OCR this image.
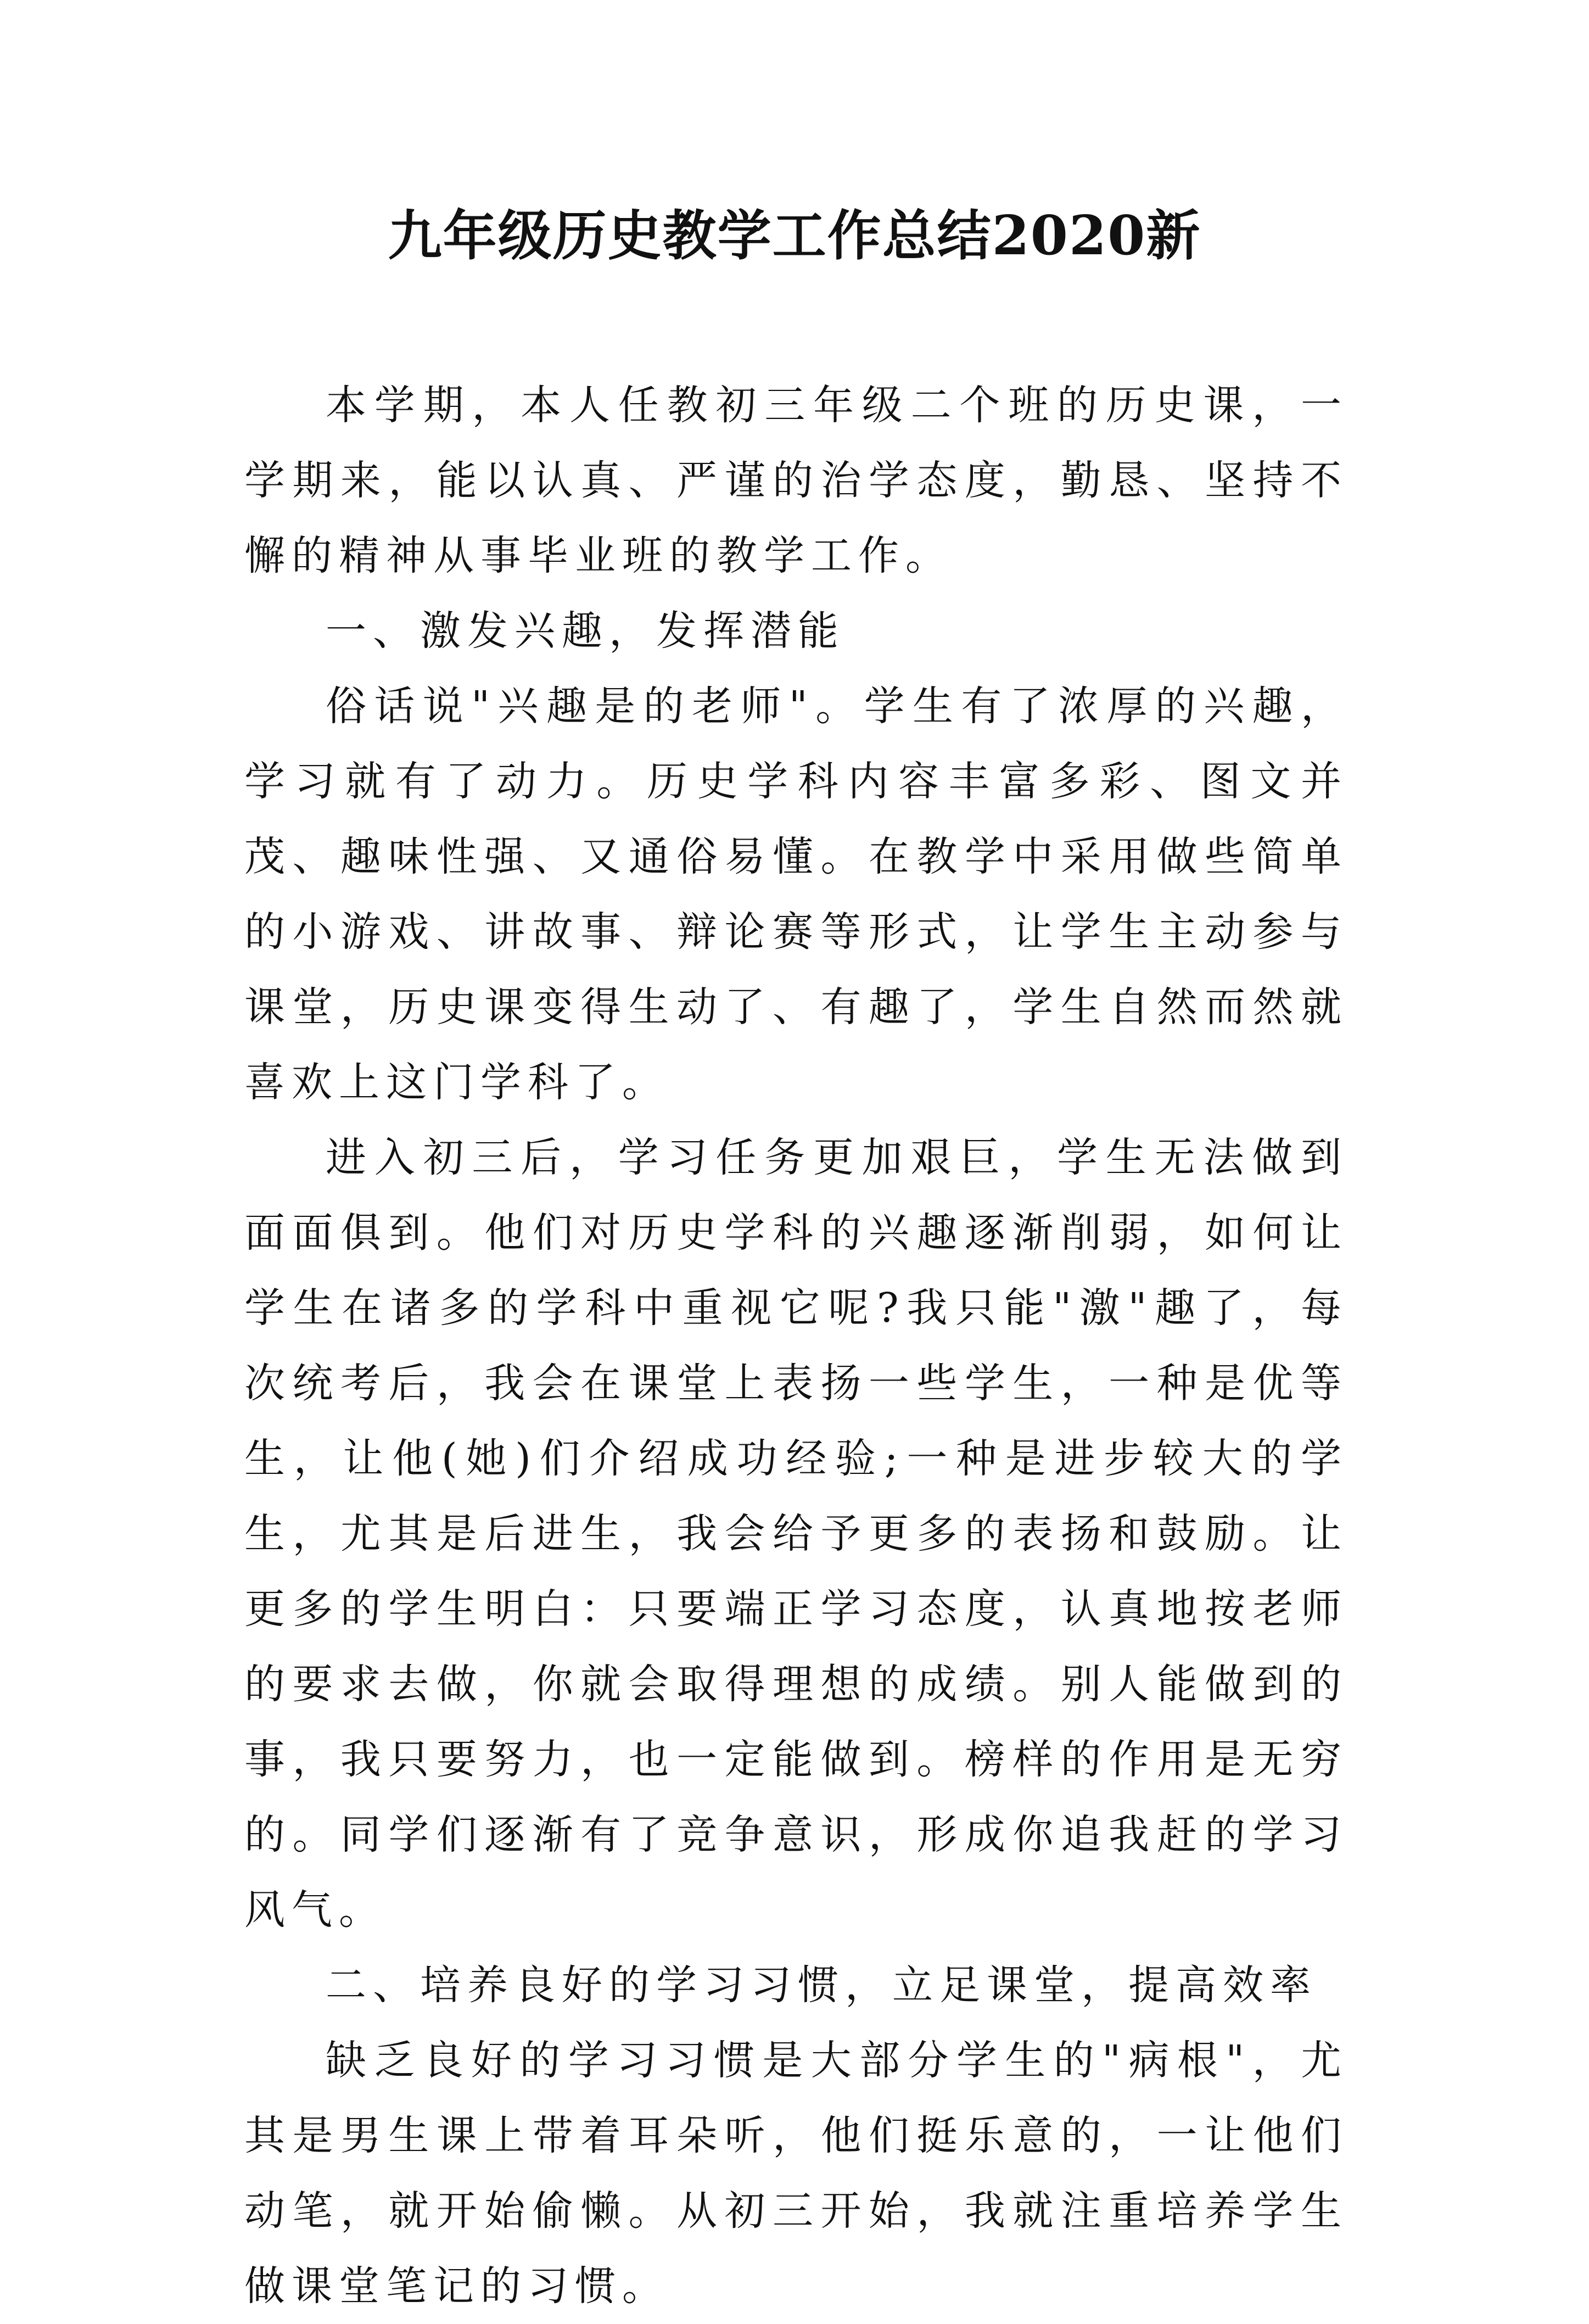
九年级历史教学工作总结2020新

本学期，本人任教初三年级二个班的历史课，一学期来，能以认真、严谨的治学态度，勤恳、坚持不懈的精神从事毕业班的教学工作。

一、激发兴趣，发挥潜能

俗话说"兴趣是的老师"。学生有了浓厚的兴趣，学习就有了动力。历史学科内容丰富多彩、图文并茂、趣味性强、又通俗易懂。在教学中采用做些简单的小游戏、讲故事、辩论赛等形式，让学生主动参与课堂，历史课变得生动了、有趣了，学生自然而然就喜欢上这门学科了。

进入初三后，学习任务更加艰巨，学生无法做到面面俱到。他们对历史学科的兴趣逐渐削弱，如何让学生在诸多的学科中重视它呢?我只能"激"趣了，每次统考后，我会在课堂上表扬一些学生，一种是优等生，让他(她)们介绍成功经验;一种是进步较大的学生，尤其是后进生，我会给予更多的表扬和鼓励。让更多的学生明白：只要端正学习态度，认真地按老师的要求去做，你就会取得理想的成绩。别人能做到的事，我只要努力，也一定能做到。榜样的作用是无穷的。同学们逐渐有了竞争意识，形成你追我赶的学习风气。

二、培养良好的学习习惯，立足课堂，提高效率

缺乏良好的学习习惯是大部分学生的"病根"，尤其是男生课上带着耳朵听，他们挺乐意的，一让他们动笔，就开始偷懒。从初三开始，我就注重培养学生做课堂笔记的习惯。
